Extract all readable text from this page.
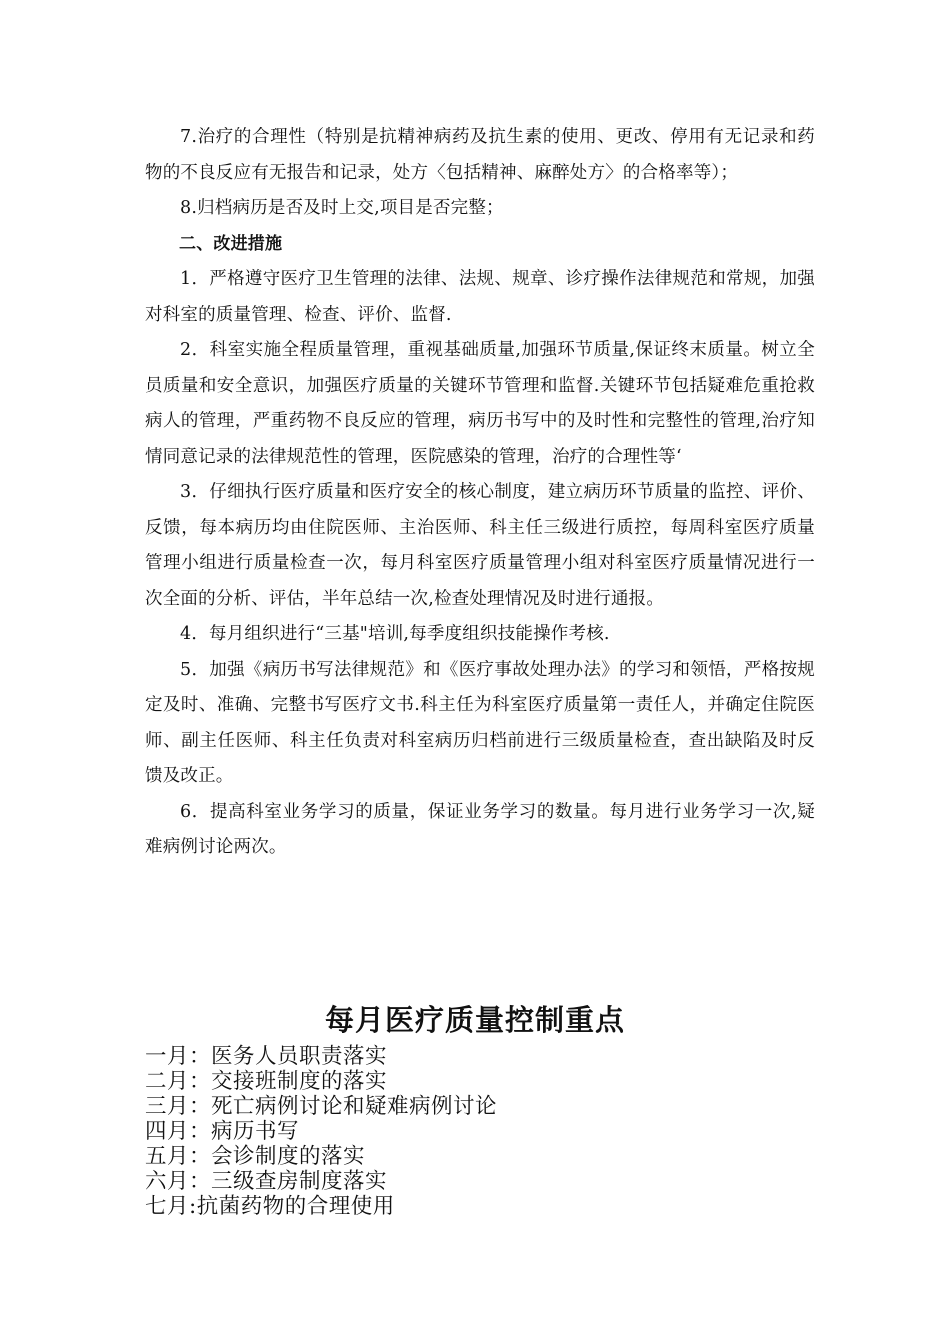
7.治疗的合理性（特别是抗精神病药及抗生素的使用、更改、停用有无记录和药物的不良反应有无报告和记录，处方〈包括精神、麻醉处方〉的合格率等）；

8.归档病历是否及时上交,项目是否完整；

二、改进措施

1．严格遵守医疗卫生管理的法律、法规、规章、诊疗操作法律规范和常规，加强对科室的质量管理、检查、评价、监督.

2．科室实施全程质量管理，重视基础质量,加强环节质量,保证终末质量。树立全员质量和安全意识，加强医疗质量的关键环节管理和监督.关键环节包括疑难危重抢救病人的管理，严重药物不良反应的管理，病历书写中的及时性和完整性的管理,治疗知情同意记录的法律规范性的管理，医院感染的管理，治疗的合理性等‘

3．仔细执行医疗质量和医疗安全的核心制度，建立病历环节质量的监控、评价、反馈，每本病历均由住院医师、主治医师、科主任三级进行质控，每周科室医疗质量管理小组进行质量检查一次，每月科室医疗质量管理小组对科室医疗质量情况进行一次全面的分析、评估，半年总结一次,检查处理情况及时进行通报。

4．每月组织进行“三基"培训,每季度组织技能操作考核.

5．加强《病历书写法律规范》和《医疗事故处理办法》的学习和领悟，严格按规定及时、准确、完整书写医疗文书.科主任为科室医疗质量第一责任人，并确定住院医师、副主任医师、科主任负责对科室病历归档前进行三级质量检查，查出缺陷及时反馈及改正。

6．提高科室业务学习的质量，保证业务学习的数量。每月进行业务学习一次,疑难病例讨论两次。

每月医疗质量控制重点
一月：医务人员职责落实
二月：交接班制度的落实
三月：死亡病例讨论和疑难病例讨论
四月：病历书写
五月：会诊制度的落实
六月：三级查房制度落实
七月:抗菌药物的合理使用
